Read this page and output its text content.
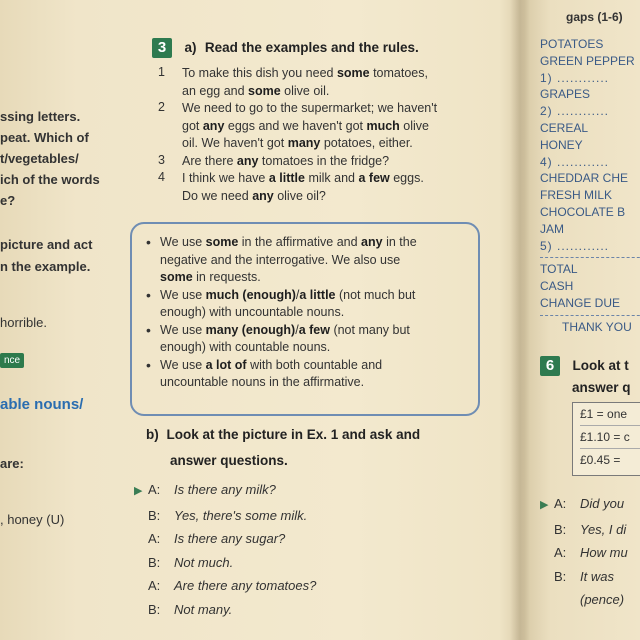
ssing letters.
peat. Which of
t/vegetables/
ich of the words
e?
picture and act
n the example.
horrible.
nce
able nouns/
are:
, honey (U)
3 a) Read the examples and the rules.
1	To make this dish you need some tomatoes,
an egg and some olive oil.
2	We need to go to the supermarket; we haven't
got any eggs and we haven't got much olive
oil. We haven't got many potatoes, either.
3	Are there any tomatoes in the fridge?
4	I think we have a little milk and a few eggs.
Do we need any olive oil?
• We use some in the affirmative and any in the
negative and the interrogative. We also use
some in requests.
• We use much (enough)/a little (not much but
enough) with uncountable nouns.
• We use many (enough)/a few (not many but
enough) with countable nouns.
• We use a lot of with both countable and
uncountable nouns in the affirmative.
b) Look at the picture in Ex. 1 and ask and
answer questions.
▶ A: Is there any milk?
B: Yes, there's some milk.
A: Is there any sugar?
B: Not much.
A: Are there any tomatoes?
B: Not many.
gaps (1-6)
POTATOES
GREEN PEPPER
1) ............
GRAPES
2) ............
CEREAL
HONEY
4) ............
CHEDDAR CHE
FRESH MILK
CHOCOLATE B
JAM
5) ............
TOTAL
CASH
CHANGE DUE
THANK YOU
6 Look at t
answer q
£1 = one
£1.10 = c
£0.45 =
▶ A: Did you
B: Yes, I di
A: How mu
B: It was
(pence)
